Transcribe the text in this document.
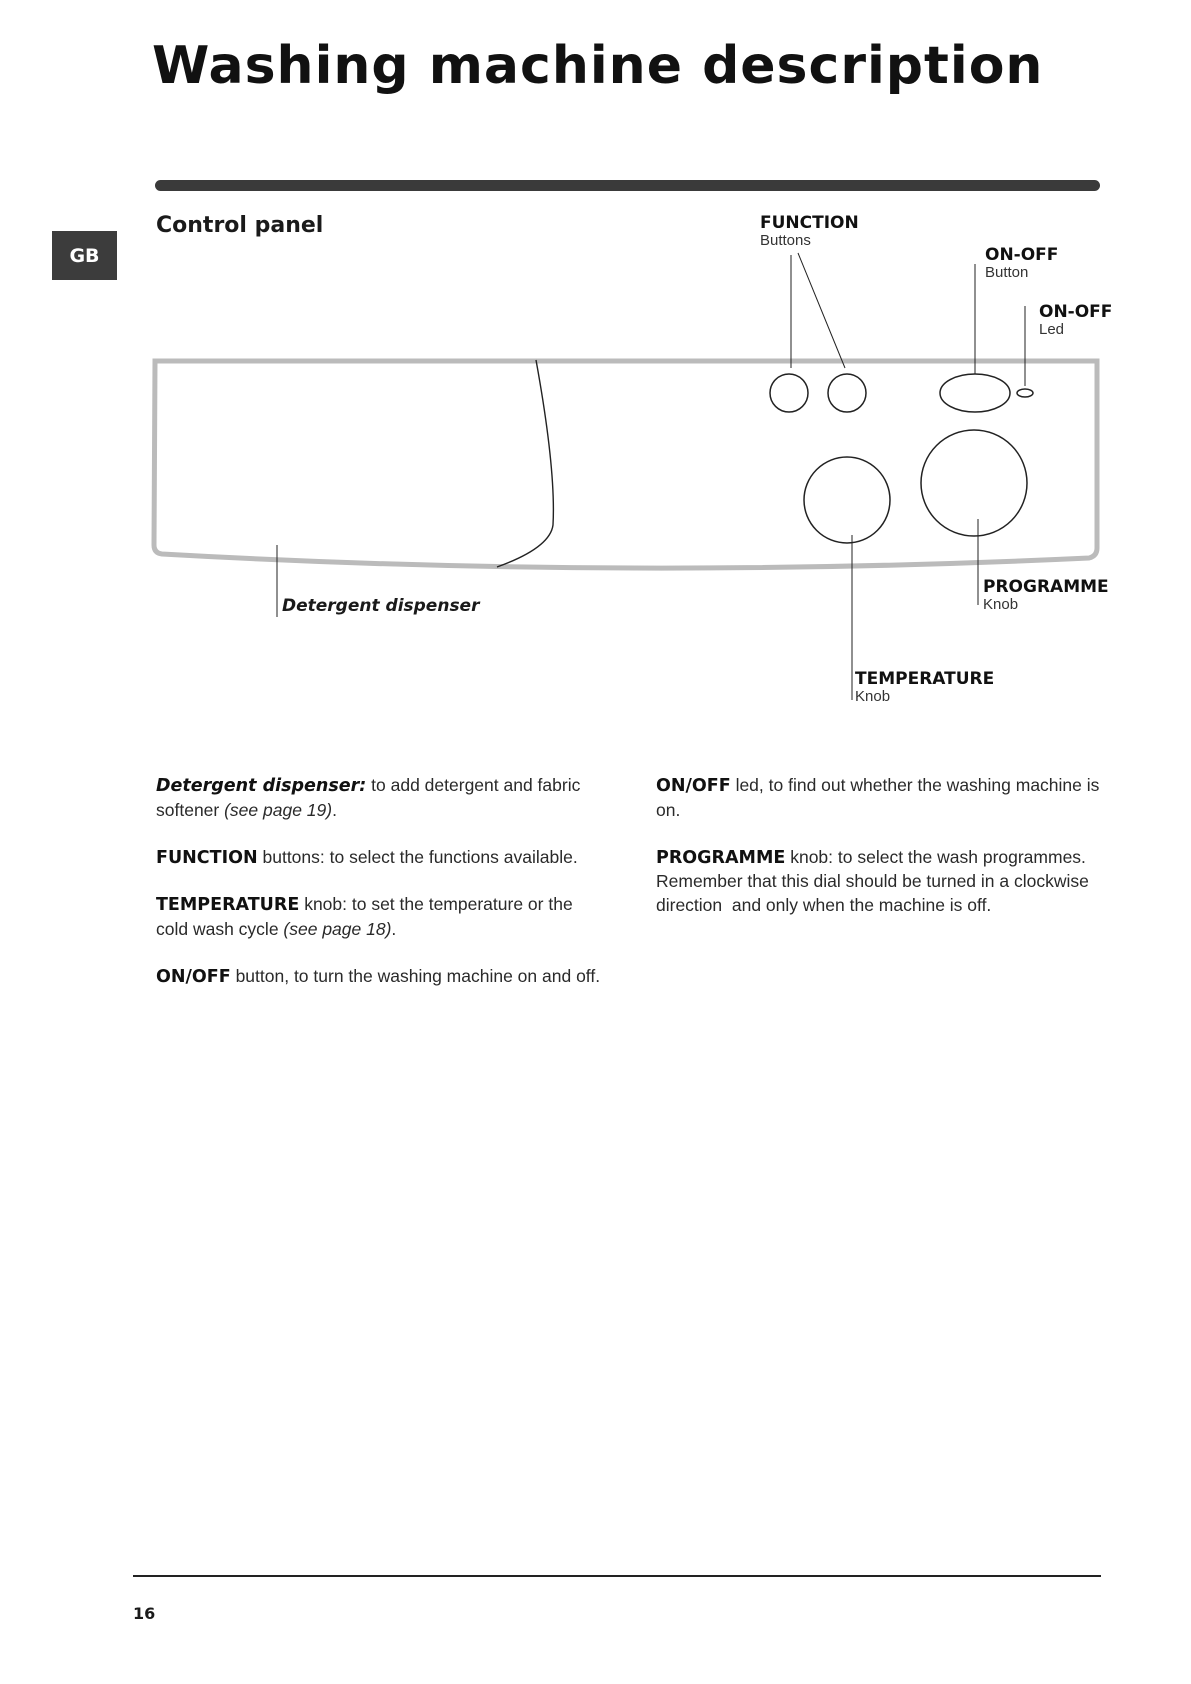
Washing machine description
GB
Control panel	FUNCTION
Buttons
ON-OFF
Button
ON-OFF
Led
PROGRAMME
Knob
TEMPERATURE
Knob
Detergent dispenser

Detergent dispenser: to add detergent and fabric softener (see page 19).

FUNCTION buttons: to select the functions available.

TEMPERATURE knob: to set the temperature or the cold wash cycle (see page 18).

ON/OFF button, to turn the washing machine on and off.

ON/OFF led, to find out whether the washing machine is on.

PROGRAMME knob: to select the wash programmes.
Remember that this dial should be turned in a clockwise direction  and only when the machine is off.

16
